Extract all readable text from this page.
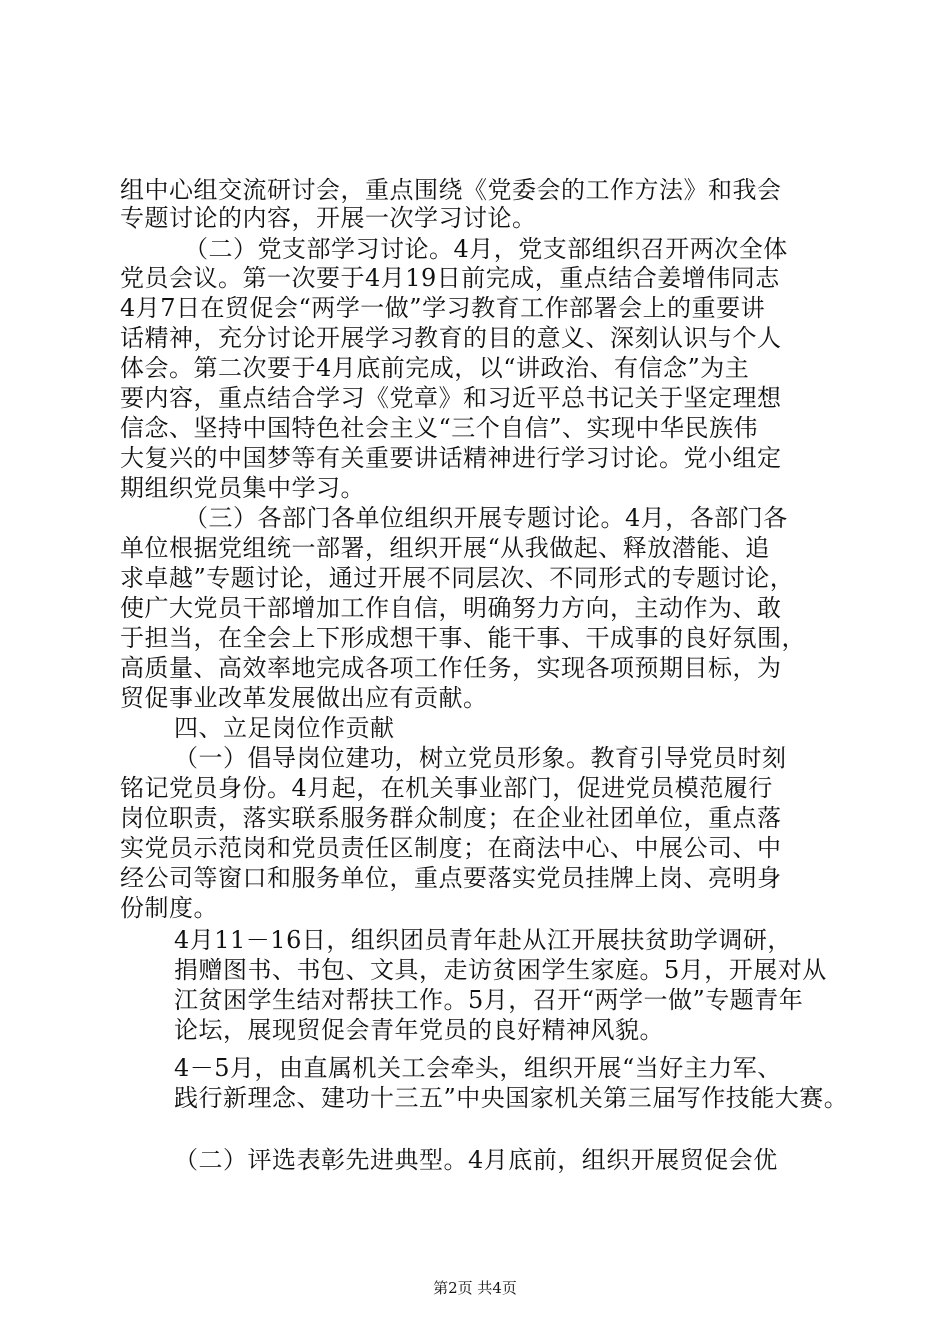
组中心组交流研讨会，重点围绕《党委会的工作方法》和我会
专题讨论的内容，开展一次学习讨论。
（二）党支部学习讨论。4月，党支部组织召开两次全体
党员会议。第一次要于4月19日前完成，重点结合姜增伟同志
4月7日在贸促会“两学一做”学习教育工作部署会上的重要讲
话精神，充分讨论开展学习教育的目的意义、深刻认识与个人
体会。第二次要于4月底前完成，以“讲政治、有信念”为主
要内容，重点结合学习《党章》和习近平总书记关于坚定理想
信念、坚持中国特色社会主义“三个自信”、实现中华民族伟
大复兴的中国梦等有关重要讲话精神进行学习讨论。党小组定
期组织党员集中学习。
（三）各部门各单位组织开展专题讨论。4月，各部门各
单位根据党组统一部署，组织开展“从我做起、释放潜能、追
求卓越”专题讨论，通过开展不同层次、不同形式的专题讨论，
使广大党员干部增加工作自信，明确努力方向，主动作为、敢
于担当，在全会上下形成想干事、能干事、干成事的良好氛围，
高质量、高效率地完成各项工作任务，实现各项预期目标，为
贸促事业改革发展做出应有贡献。
四、立足岗位作贡献
（一）倡导岗位建功，树立党员形象。教育引导党员时刻
铭记党员身份。4月起，在机关事业部门，促进党员模范履行
岗位职责，落实联系服务群众制度；在企业社团单位，重点落
实党员示范岗和党员责任区制度；在商法中心、中展公司、中
经公司等窗口和服务单位，重点要落实党员挂牌上岗、亮明身
份制度。
4月11－16日，组织团员青年赴从江开展扶贫助学调研，
捐赠图书、书包、文具，走访贫困学生家庭。5月，开展对从
江贫困学生结对帮扶工作。5月，召开“两学一做”专题青年
论坛，展现贸促会青年党员的良好精神风貌。
4－5月，由直属机关工会牵头，组织开展“当好主力军、
践行新理念、建功十三五”中央国家机关第三届写作技能大赛。
（二）评选表彰先进典型。4月底前，组织开展贸促会优
第2页 共4页
